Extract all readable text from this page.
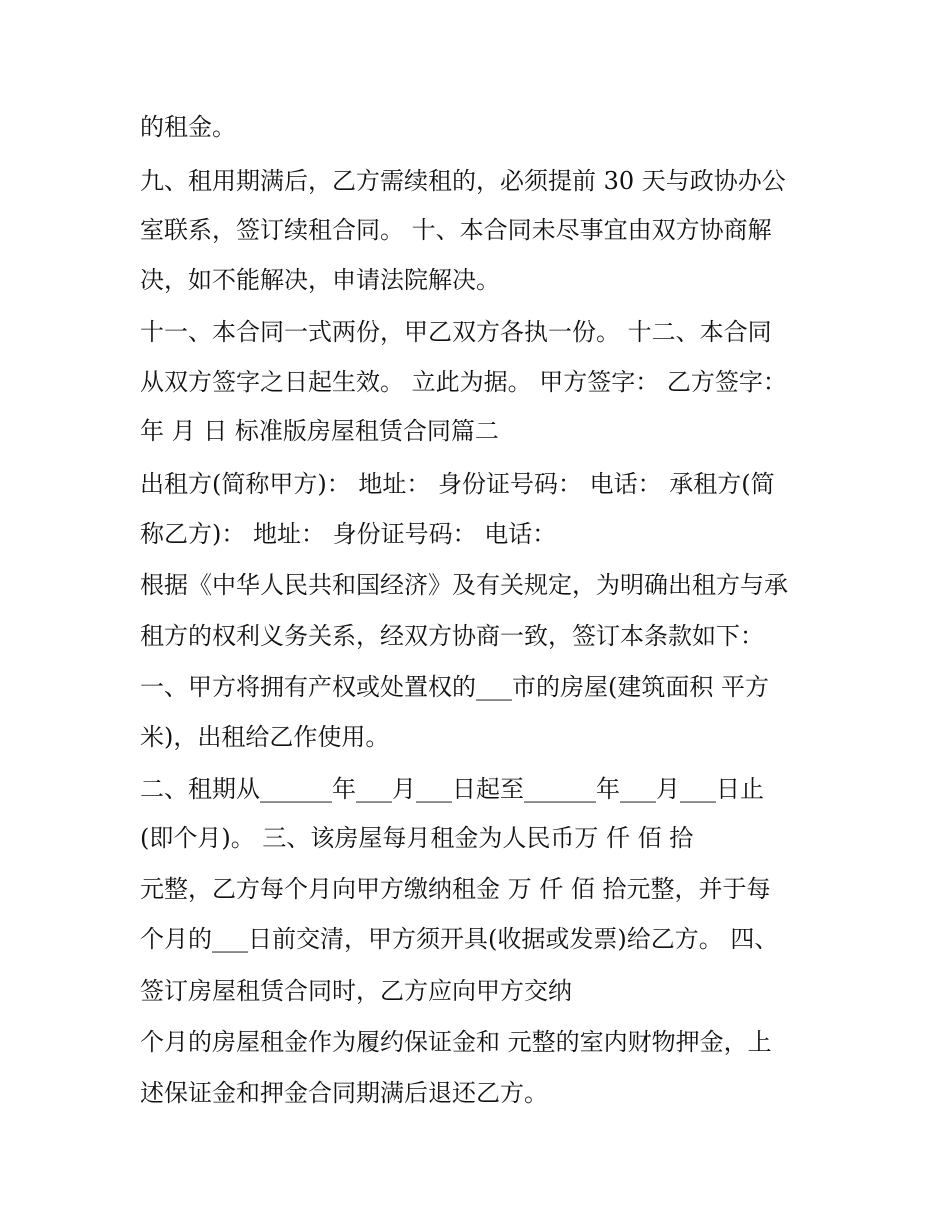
的租金。

九、租用期满后，乙方需续租的，必须提前 30 天与政协办公

室联系，签订续租合同。 十、本合同未尽事宜由双方协商解

决，如不能解决，申请法院解决。

十一、本合同一式两份，甲乙双方各执一份。 十二、本合同

从双方签字之日起生效。 立此为据。 甲方签字： 乙方签字：

年 月 日 标准版房屋租赁合同篇二

出租方(简称甲方)： 地址： 身份证号码： 电话： 承租方(简

称乙方)： 地址： 身份证号码： 电话：

根据《中华人民共和国经济》及有关规定，为明确出租方与承

租方的权利义务关系，经双方协商一致，签订本条款如下：

一、甲方将拥有产权或处置权的___市的房屋(建筑面积 平方

米)，出租给乙作使用。

二、租期从______年___月___日起至______年___月___日止

(即个月)。 三、该房屋每月租金为人民币万 仟 佰 拾

元整，乙方每个月向甲方缴纳租金 万 仟 佰 拾元整，并于每

个月的___日前交清，甲方须开具(收据或发票)给乙方。 四、

签订房屋租赁合同时，乙方应向甲方交纳

个月的房屋租金作为履约保证金和 元整的室内财物押金，上

述保证金和押金合同期满后退还乙方。
